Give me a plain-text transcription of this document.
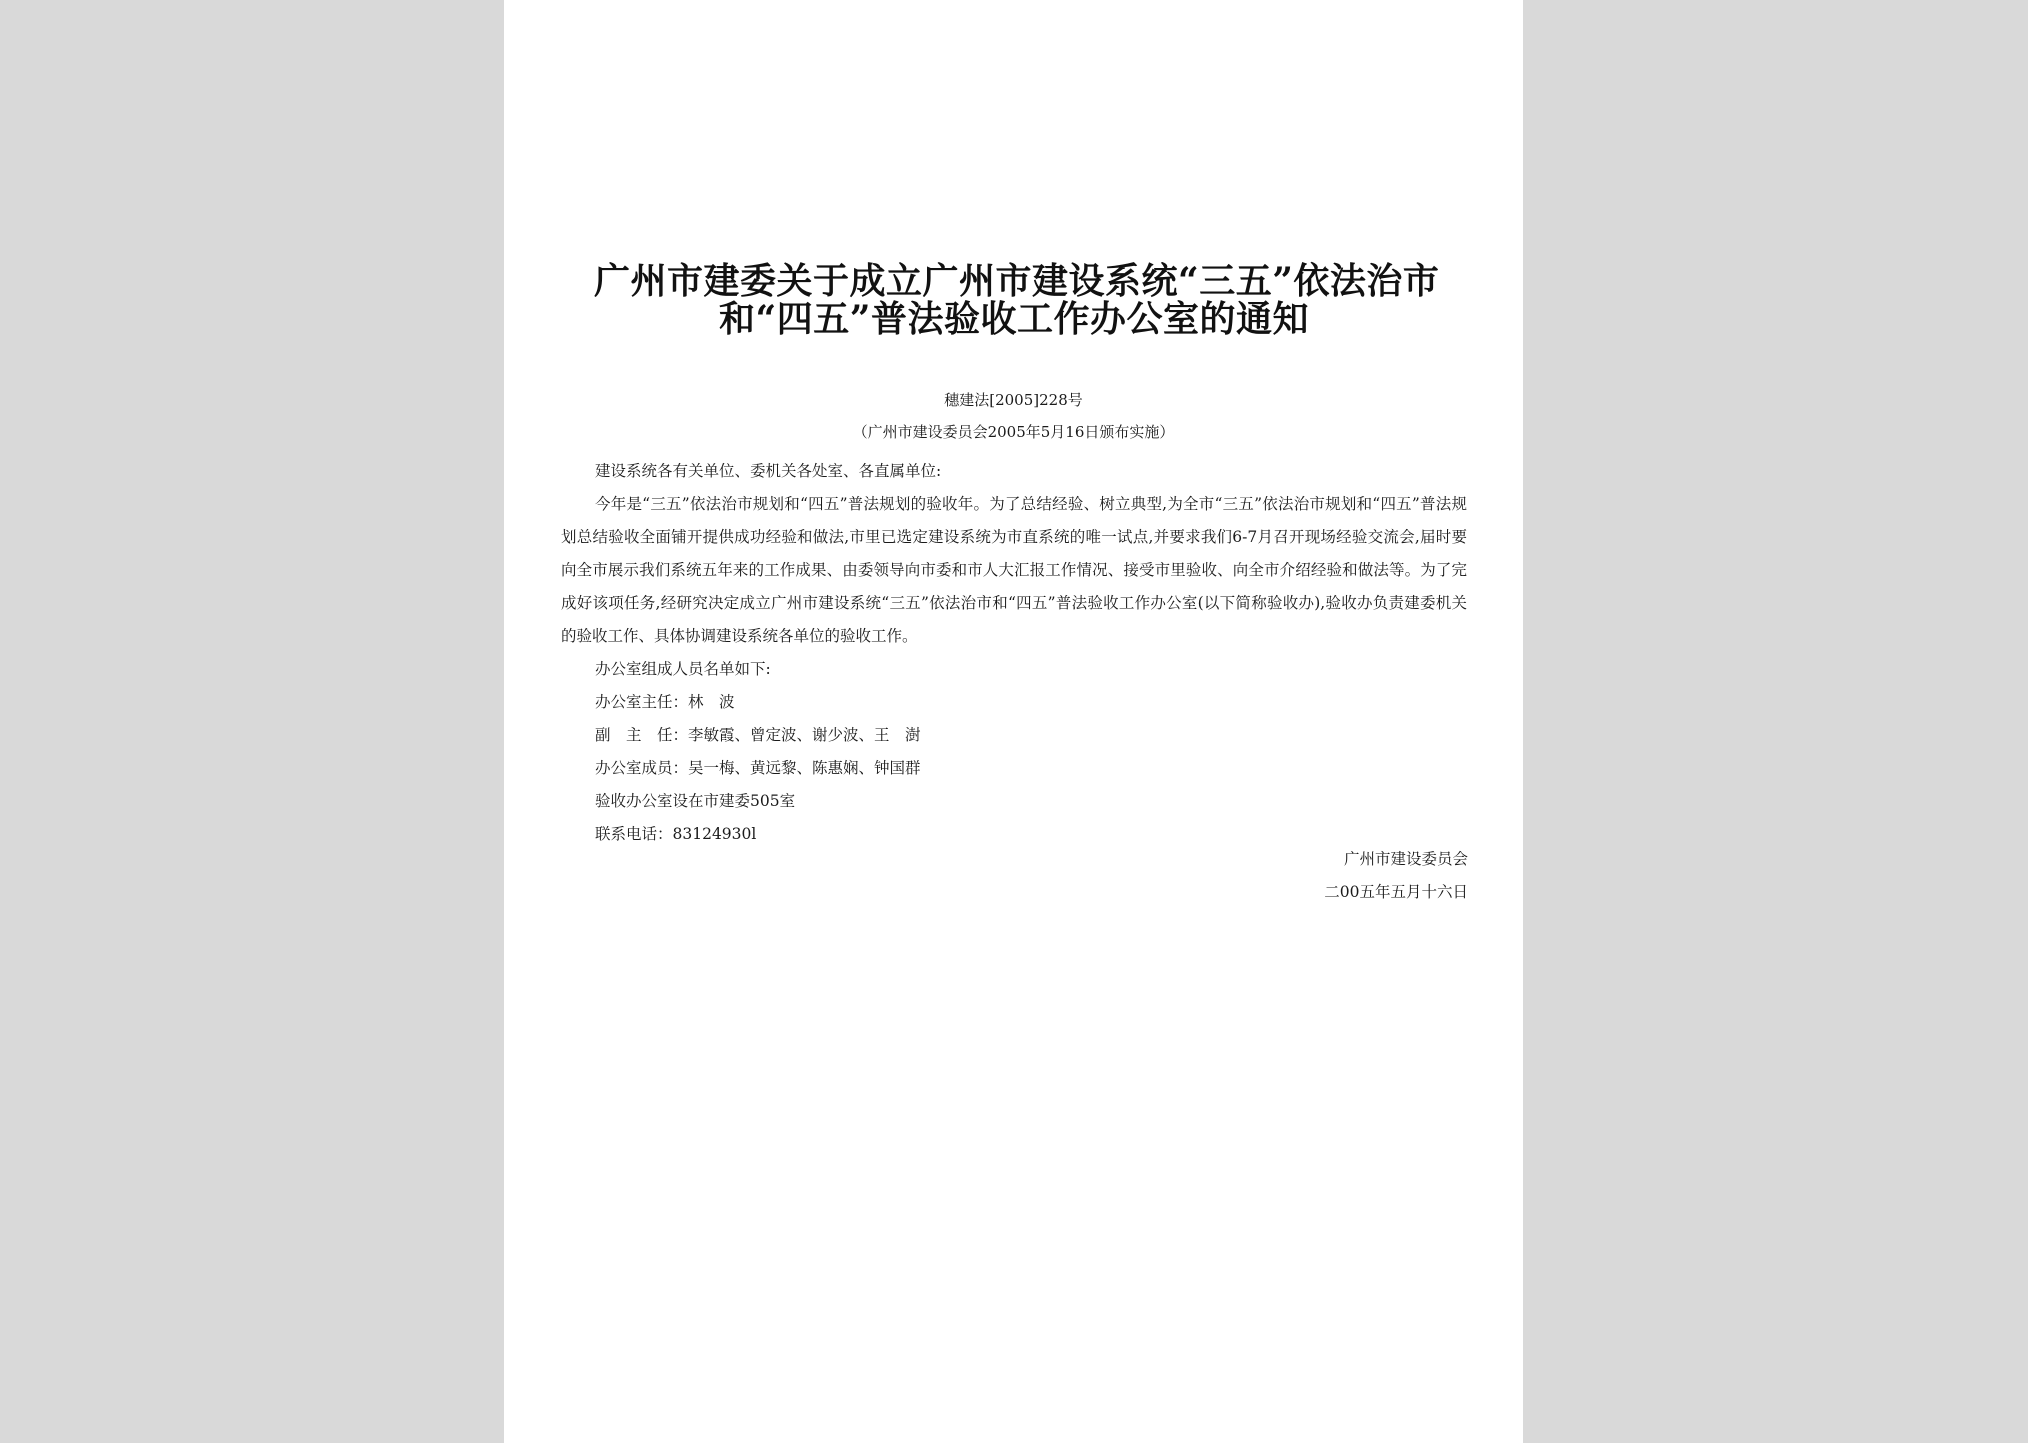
广州市建委关于成立广州市建设系统“三五”依法治市
和“四五”普法验收工作办公室的通知
穗建法[2005]228号
（广州市建设委员会2005年5月16日颁布实施）

建设系统各有关单位、委机关各处室、各直属单位:

今年是“三五”依法治市规划和“四五”普法规划的验收年。为了总结经验、树立典型,为全市“三五”依法治市规划和“四五”普法规划总结验收全面铺开提供成功经验和做法,市里已选定建设系统为市直系统的唯一试点,并要求我们6-7月召开现场经验交流会,届时要向全市展示我们系统五年来的工作成果、由委领导向市委和市人大汇报工作情况、接受市里验收、向全市介绍经验和做法等。为了完成好该项任务,经研究决定成立广州市建设系统“三五”依法治市和“四五”普法验收工作办公室(以下简称验收办),验收办负责建委机关的验收工作、具体协调建设系统各单位的验收工作。

办公室组成人员名单如下:

办公室主任：林　波

副　主　任：李敏霞、曾定波、谢少波、王　澍

办公室成员：吴一梅、黄远黎、陈惠娴、钟国群

验收办公室设在市建委505室

联系电话：83124930l

广州市建设委员会
二00五年五月十六日
